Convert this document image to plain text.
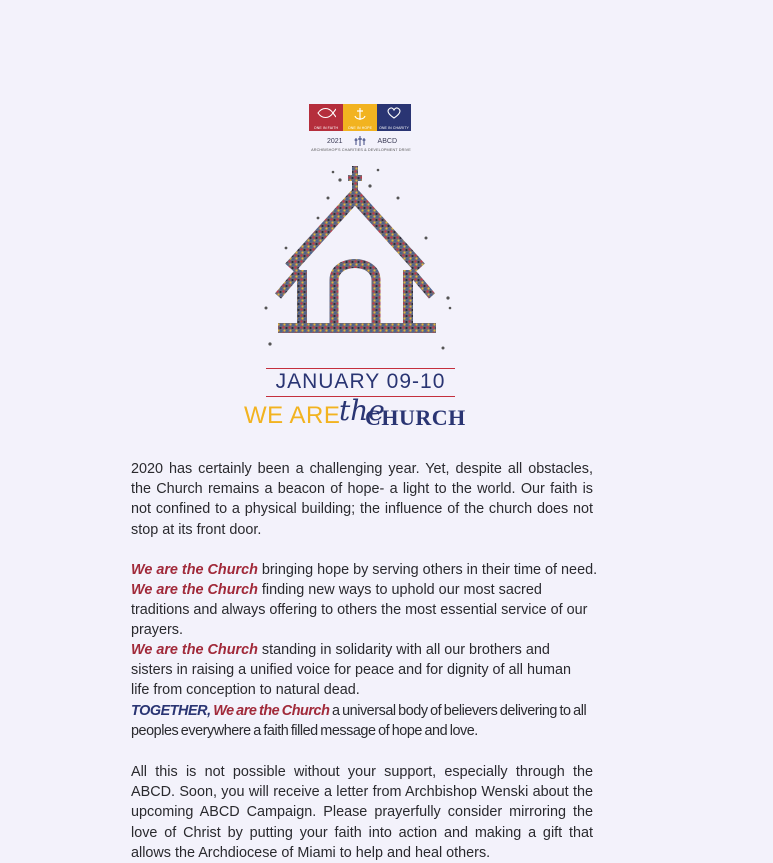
ONE IN FAITH	ONE IN HOPE	ONE IN CHARITY
2021	ABCD
ARCHBISHOP'S CHARITIES & DEVELOPMENT DRIVE
JANUARY 09-10
WE ARE
the
CHURCH
2020 has certainly been a challenging year. Yet, despite all obstacles, the Church remains a beacon of hope- a light to the world. Our faith is not confined to a physical building; the influence of the church does not stop at its front door.
We are the Church bringing hope by serving others in their time of need.
We are the Church finding new ways to uphold our most sacred traditions and always offering to others the most essential service of our prayers.
We are the Church standing in solidarity with all our brothers and sisters in raising a unified voice for peace and for dignity of all human life from conception to natural dead.
TOGETHER, We are the Church a universal body of believers delivering to all peoples everywhere a faith filled message of hope and love.
All this is not possible without your support, especially through the ABCD. Soon, you will receive a letter from Archbishop Wenski about the upcoming ABCD Campaign. Please prayerfully consider mirroring the love of Christ by putting your faith into action and making a gift that allows the Archdiocese of Miami to help and heal others.
